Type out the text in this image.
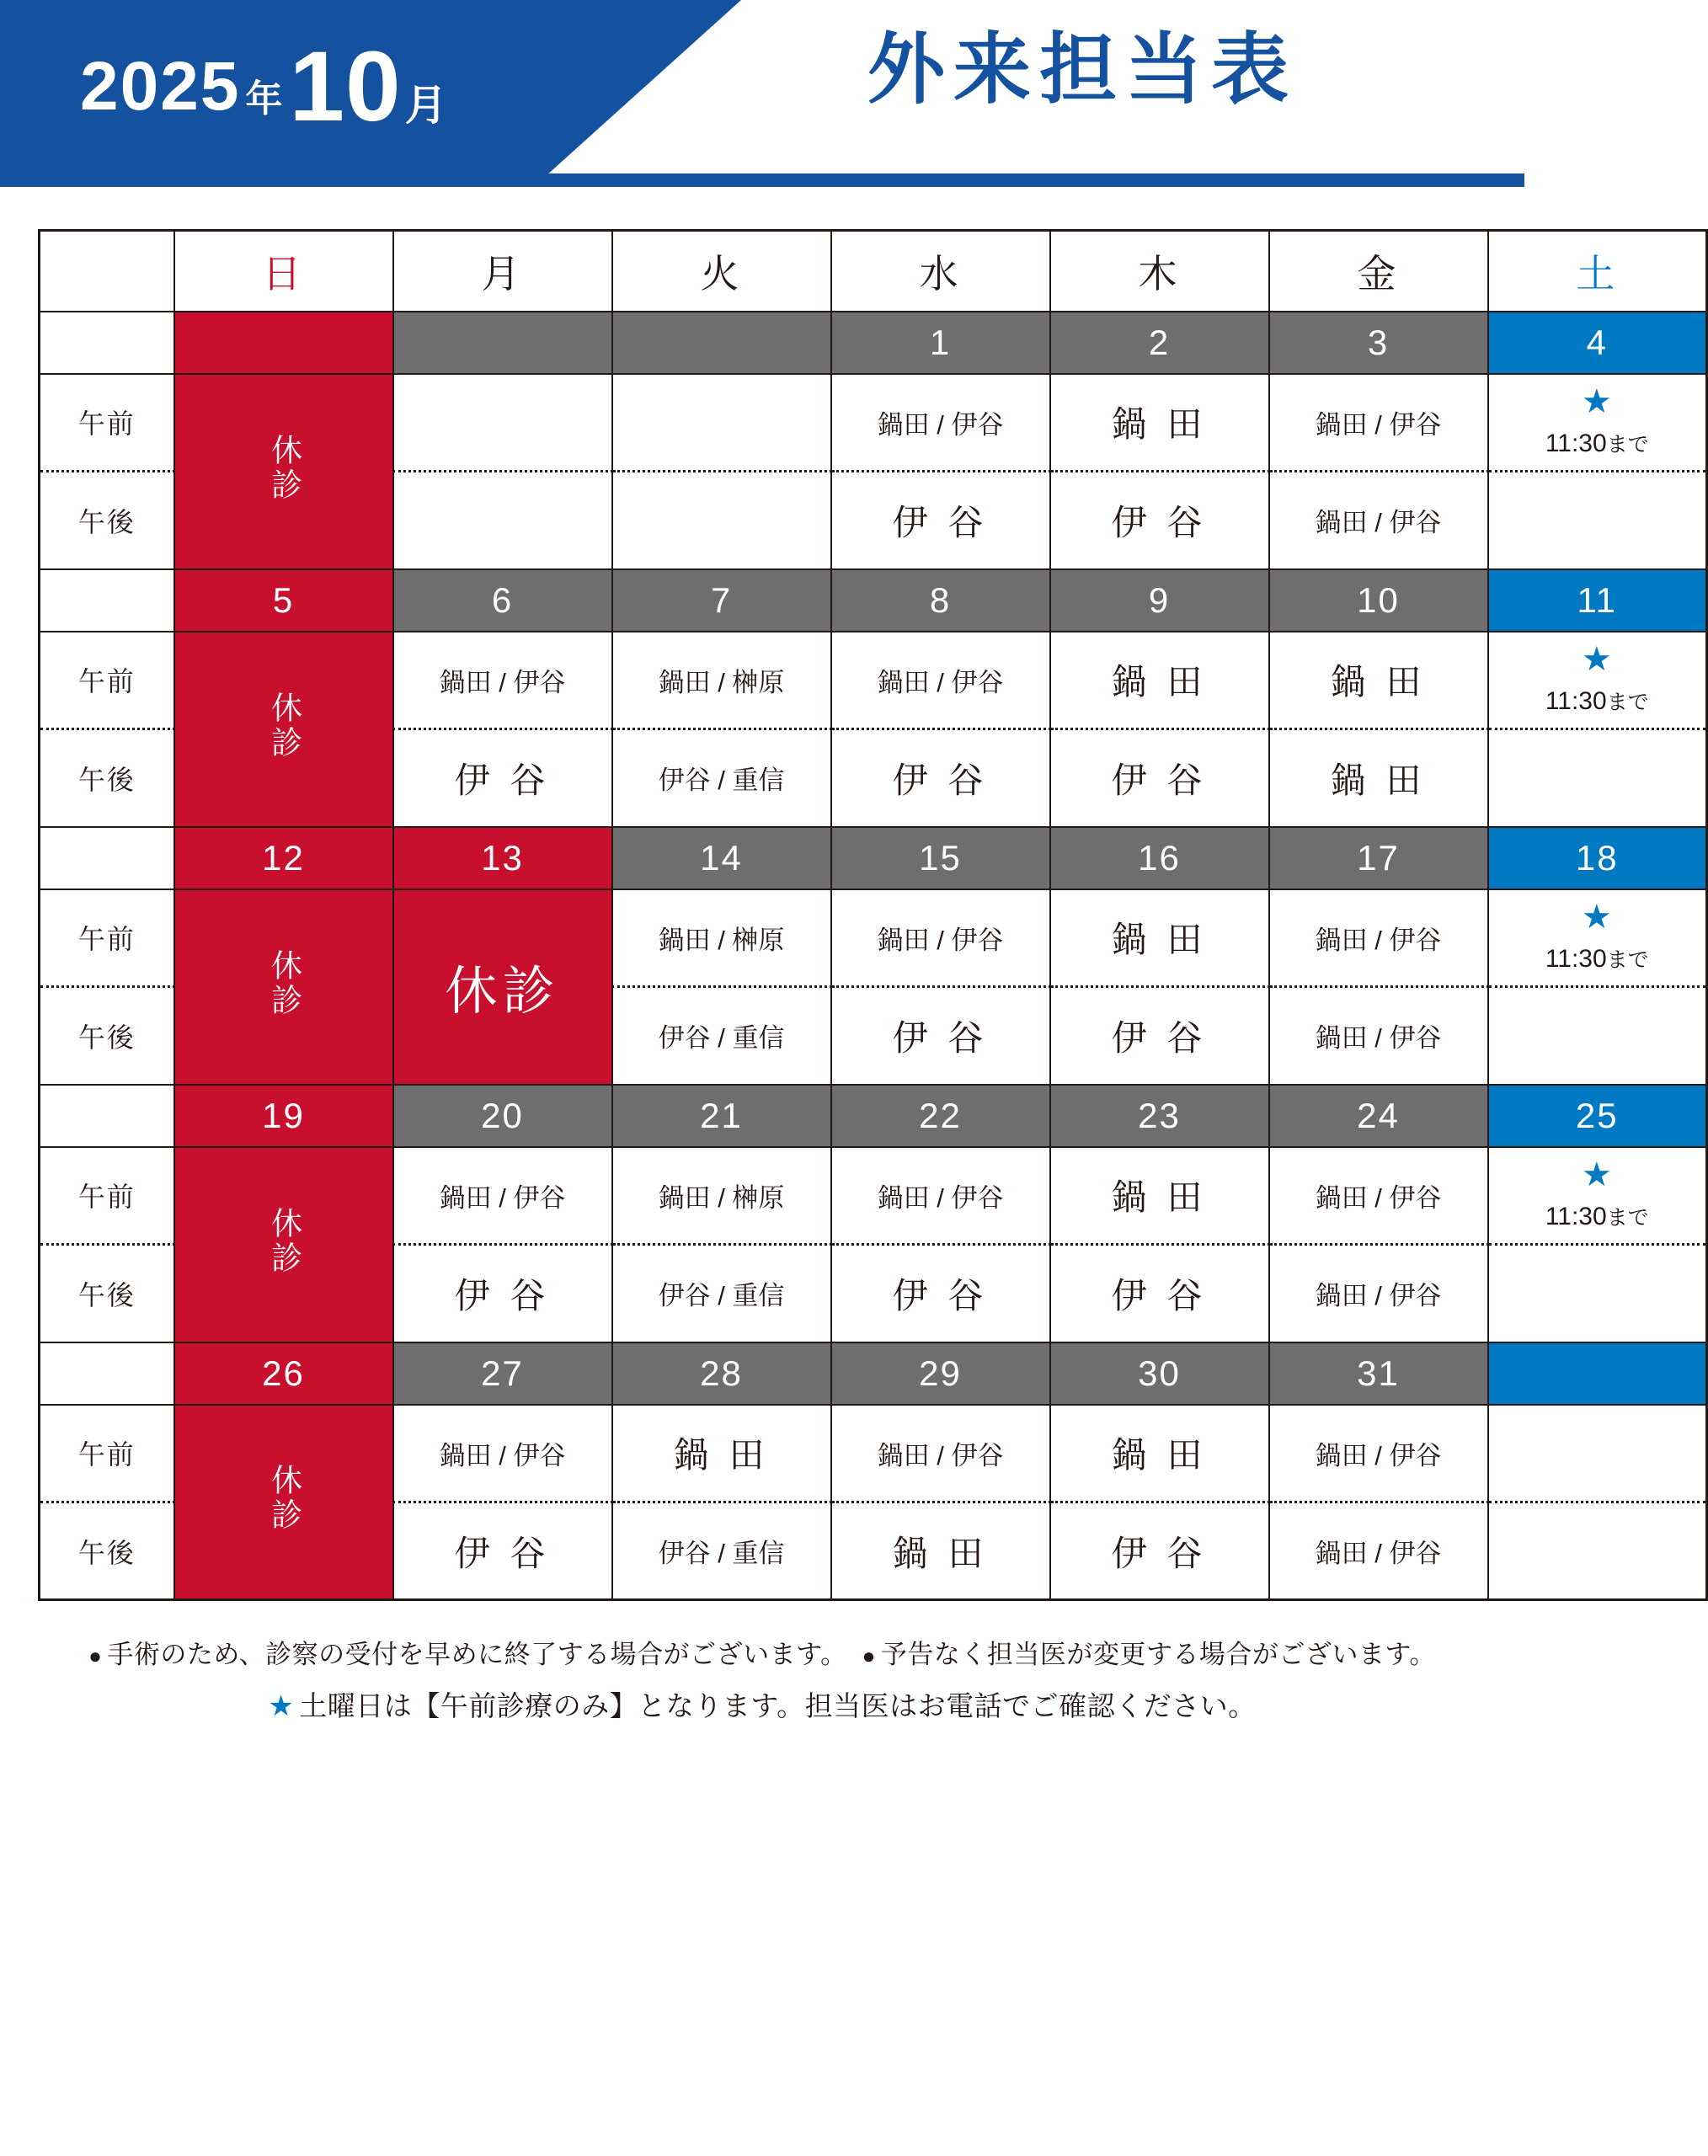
2025 年 10 月	外来担当表
	日	月	火	水	木	金	土
				1	2	3	4
午前	休診			鍋田 / 伊谷	鍋 田	鍋田 / 伊谷	★
11:30まで
午後				伊 谷	伊 谷	鍋田 / 伊谷	
	5	6	7	8	9	10	11
午前	休診	鍋田 / 伊谷	鍋田 / 榊原	鍋田 / 伊谷	鍋 田	鍋 田	★
11:30まで
午後		伊 谷	伊谷 / 重信	伊 谷	伊 谷	鍋 田	
	12	13	14	15	16	17	18
午前	休診	休診	鍋田 / 榊原	鍋田 / 伊谷	鍋 田	鍋田 / 伊谷	★
11:30まで
午後			伊谷 / 重信	伊 谷	伊 谷	鍋田 / 伊谷	
	19	20	21	22	23	24	25
午前	休診	鍋田 / 伊谷	鍋田 / 榊原	鍋田 / 伊谷	鍋 田	鍋田 / 伊谷	★
11:30まで
午後		伊 谷	伊谷 / 重信	伊 谷	伊 谷	鍋田 / 伊谷	
	26	27	28	29	30	31	
午前	休診	鍋田 / 伊谷	鍋 田	鍋田 / 伊谷	鍋 田	鍋田 / 伊谷	
午後		伊 谷	伊谷 / 重信	鍋 田	伊 谷	鍋田 / 伊谷	
● 手術のため、診察の受付を早めに終了する場合がございます。 ● 予告なく担当医が変更する場合がございます。
★ 土曜日は【午前診療のみ】となります。担当医はお電話でご確認ください。
